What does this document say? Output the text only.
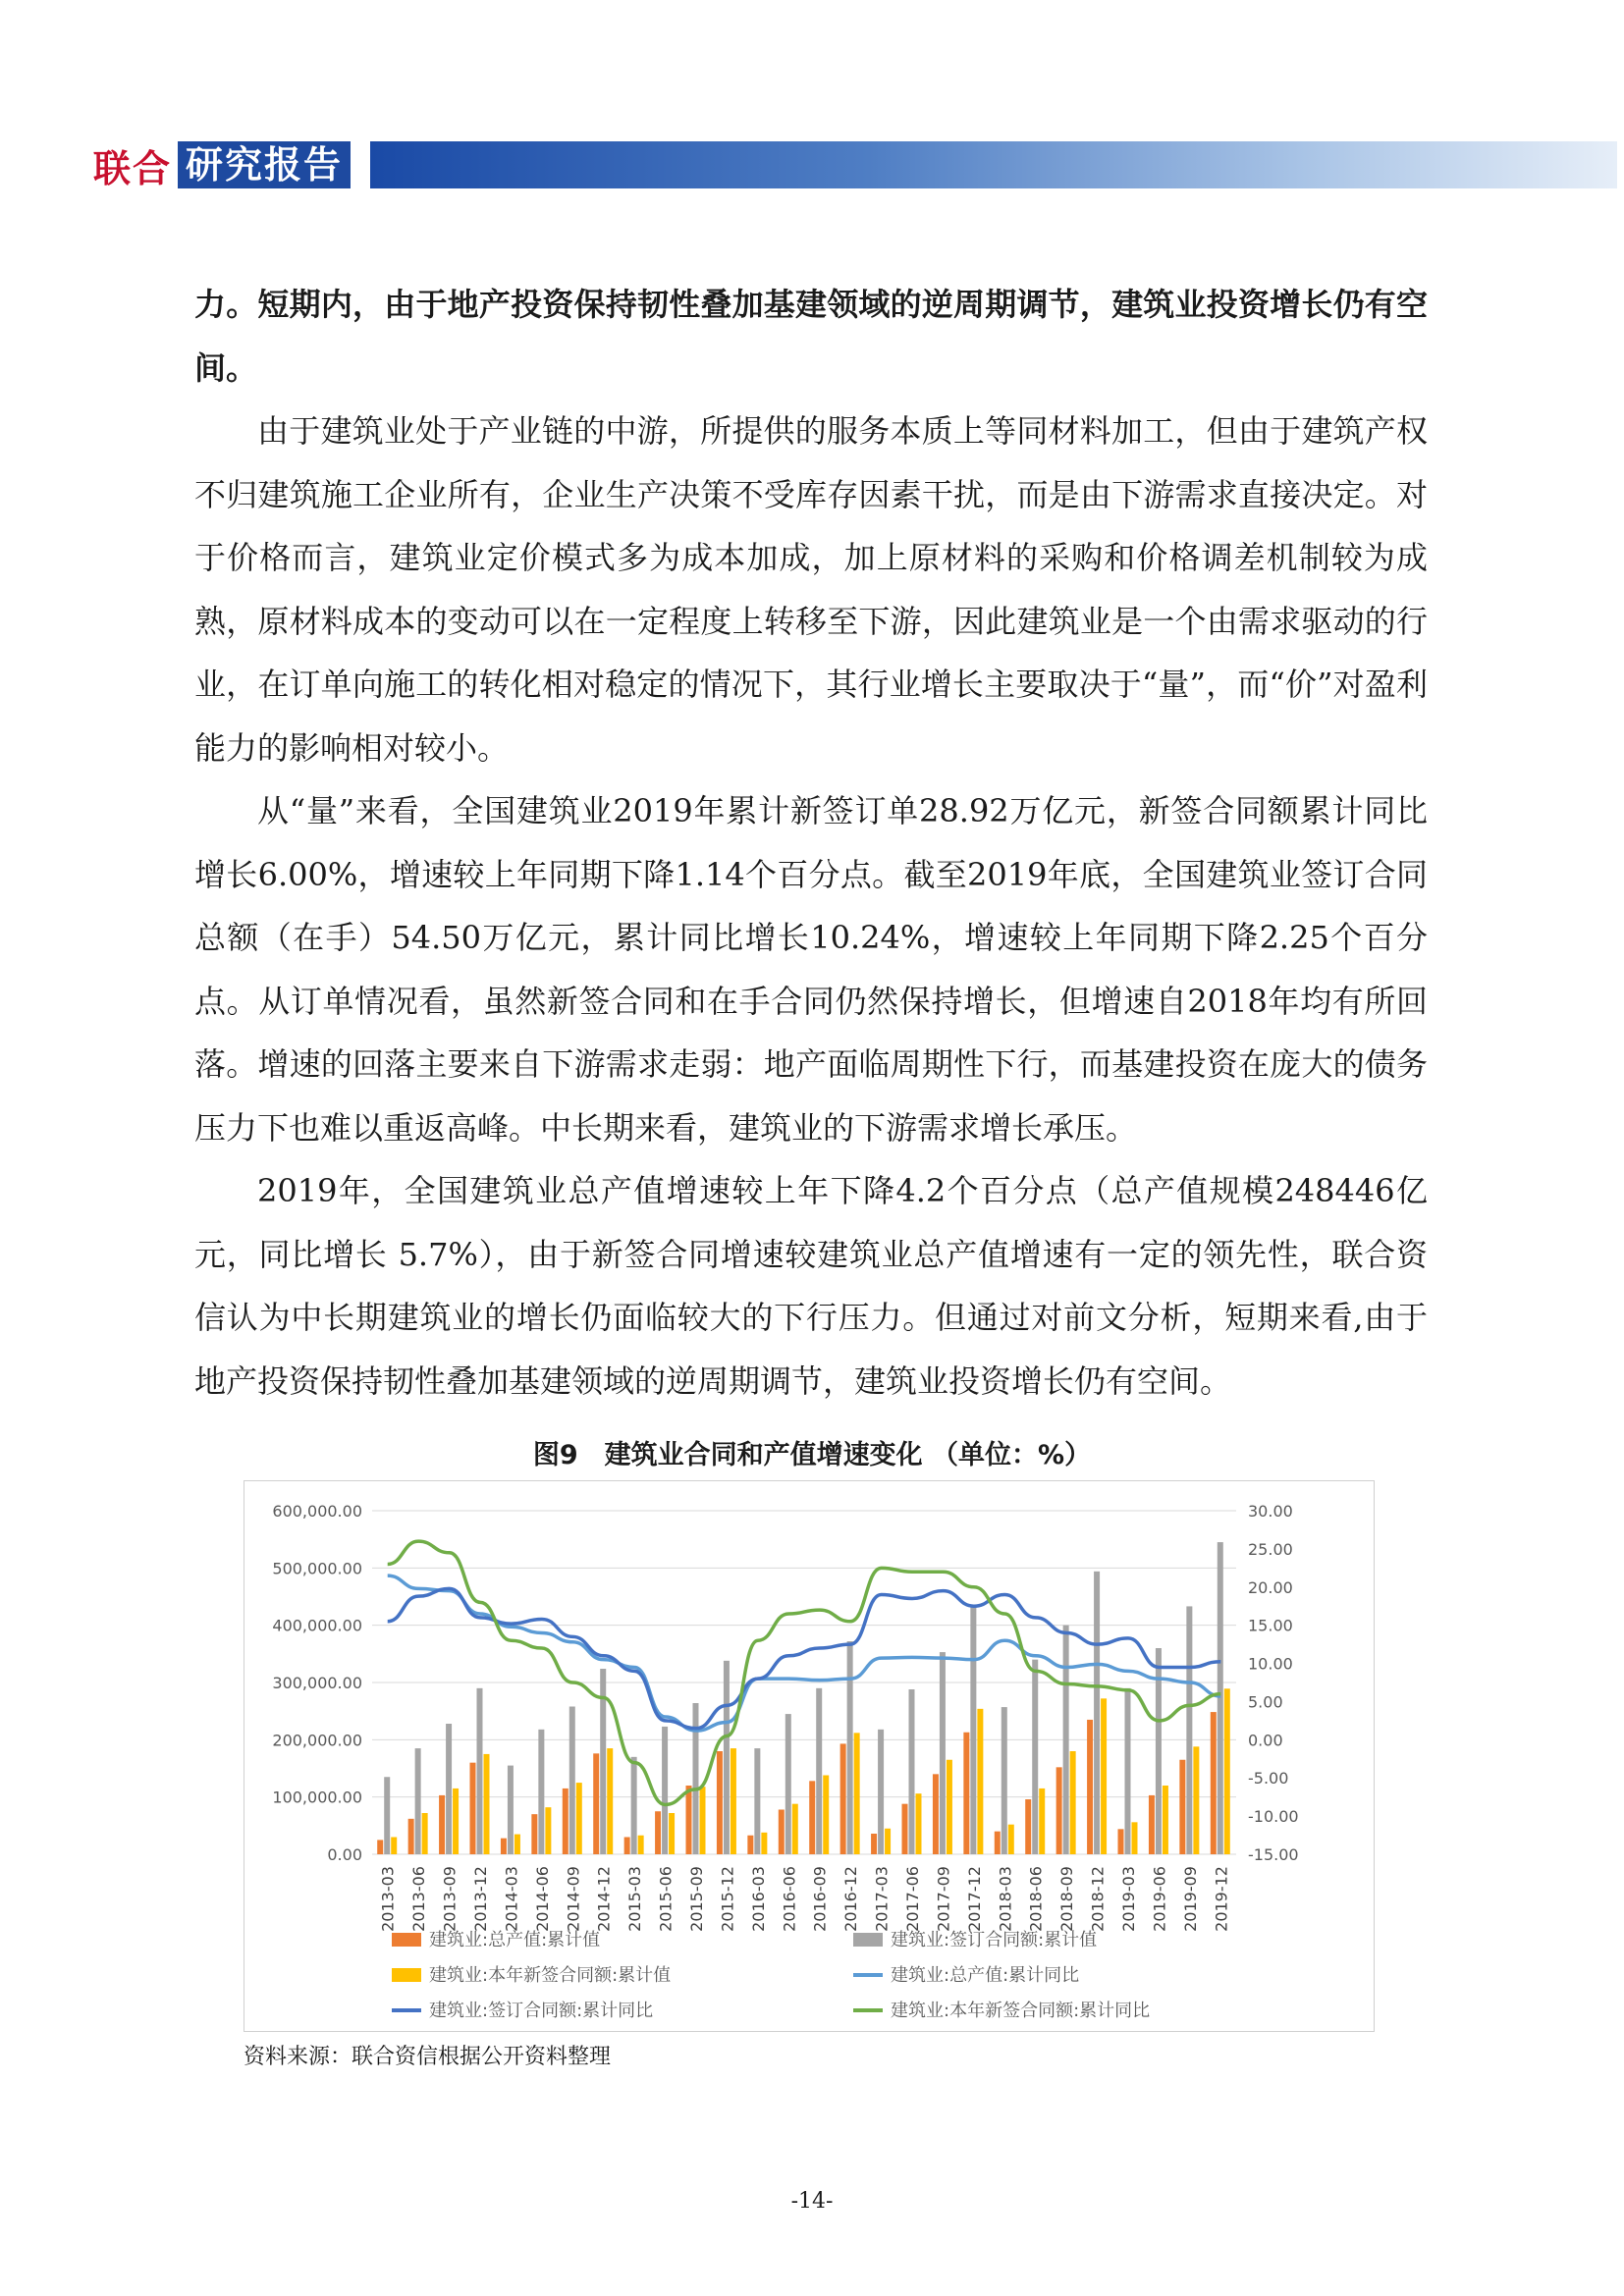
联合 研究报告

力。短期内，由于地产投资保持韧性叠加基建领域的逆周期调节，建筑业投资增长仍有空间。

由于建筑业处于产业链的中游，所提供的服务本质上等同材料加工，但由于建筑产权不归建筑施工企业所有，企业生产决策不受库存因素干扰，而是由下游需求直接决定。对于价格而言，建筑业定价模式多为成本加成，加上原材料的采购和价格调差机制较为成熟，原材料成本的变动可以在一定程度上转移至下游，因此建筑业是一个由需求驱动的行业，在订单向施工的转化相对稳定的情况下，其行业增长主要取决于“量”，而“价”对盈利能力的影响相对较小。

从“量”来看，全国建筑业2019年累计新签订单28.92万亿元，新签合同额累计同比增长6.00%，增速较上年同期下降1.14个百分点。截至2019年底，全国建筑业签订合同总额（在手）54.50万亿元，累计同比增长10.24%，增速较上年同期下降2.25个百分点。从订单情况看，虽然新签合同和在手合同仍然保持增长，但增速自2018年均有所回落。增速的回落主要来自下游需求走弱：地产面临周期性下行，而基建投资在庞大的债务压力下也难以重返高峰。中长期来看，建筑业的下游需求增长承压。

2019年，全国建筑业总产值增速较上年下降4.2个百分点（总产值规模248446亿元，同比增长 5.7%），由于新签合同增速较建筑业总产值增速有一定的领先性，联合资信认为中长期建筑业的增长仍面临较大的下行压力。但通过对前文分析，短期来看,由于地产投资保持韧性叠加基建领域的逆周期调节，建筑业投资增长仍有空间。

图9　建筑业合同和产值增速变化 （单位：%）
0.00
100,000.00
200,000.00
300,000.00
400,000.00
500,000.00
600,000.00
-15.00
-10.00
-5.00
0.00
5.00
10.00
15.00
20.00
25.00
30.00
2013-03 2013-06 2013-09 2013-12 2014-03 2014-06 2014-09 2014-12 2015-03 2015-06 2015-09 2015-12 2016-03 2016-06 2016-09 2016-12 2017-03 2017-06 2017-09 2017-12 2018-03 2018-06 2018-09 2018-12 2019-03 2019-06 2019-09 2019-12
建筑业:总产值:累计值	建筑业:签订合同额:累计值
建筑业:本年新签合同额:累计值	建筑业:总产值:累计同比
建筑业:签订合同额:累计同比	建筑业:本年新签合同额:累计同比
资料来源：联合资信根据公开资料整理
-14-
